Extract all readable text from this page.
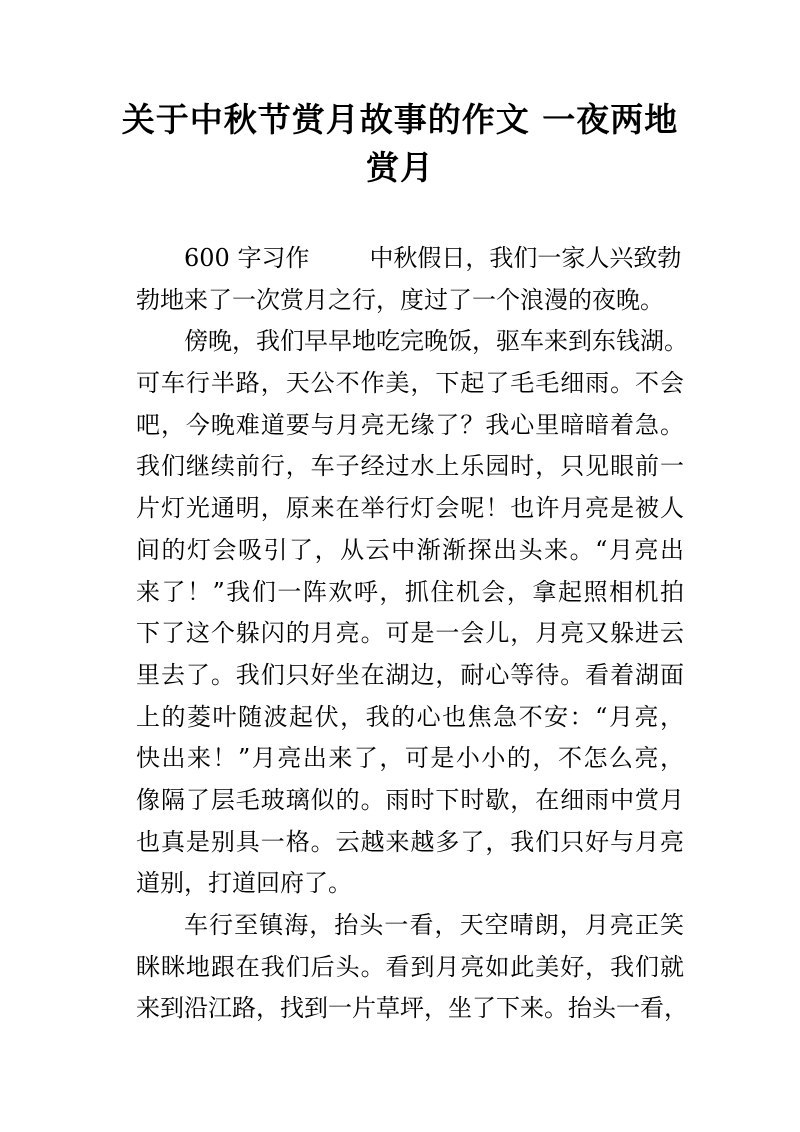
关于中秋节赏月故事的作文 一夜两地
赏月
600 字习作	中秋假日，我们一家人兴致勃
勃地来了一次赏月之行，度过了一个浪漫的夜晚。
傍晚，我们早早地吃完晚饭，驱车来到东钱湖。
可车行半路，天公不作美，下起了毛毛细雨。不会
吧，今晚难道要与月亮无缘了？我心里暗暗着急。
我们继续前行，车子经过水上乐园时，只见眼前一
片灯光通明，原来在举行灯会呢！也许月亮是被人
间的灯会吸引了，从云中渐渐探出头来。“月亮出
来了！”我们一阵欢呼，抓住机会，拿起照相机拍
下了这个躲闪的月亮。可是一会儿，月亮又躲进云
里去了。我们只好坐在湖边，耐心等待。看着湖面
上的菱叶随波起伏，我的心也焦急不安：“月亮，
快出来！”月亮出来了，可是小小的，不怎么亮，
像隔了层毛玻璃似的。雨时下时歇，在细雨中赏月
也真是别具一格。云越来越多了，我们只好与月亮
道别，打道回府了。
车行至镇海，抬头一看，天空晴朗，月亮正笑
眯眯地跟在我们后头。看到月亮如此美好，我们就
来到沿江路，找到一片草坪，坐了下来。抬头一看，
